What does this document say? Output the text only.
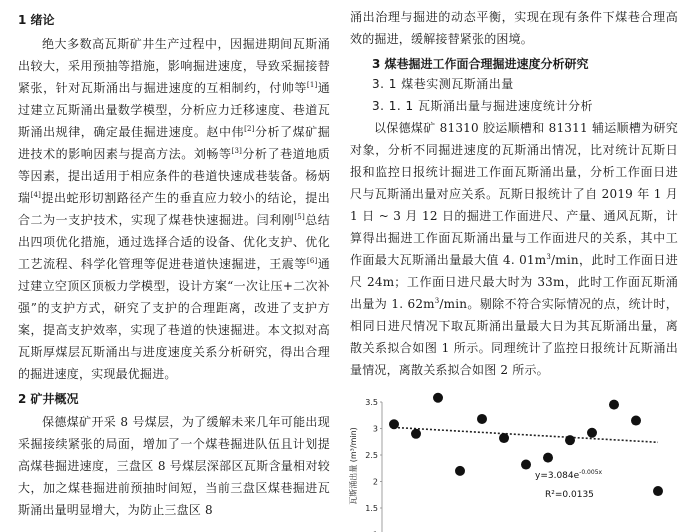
1 绪论

绝大多数高瓦斯矿井生产过程中，因掘进期间瓦斯涌出较大，采用预抽等措施，影响掘进速度，导致采掘接替紧张，针对瓦斯涌出与掘进速度的互相制约，付帅等[1]通过建立瓦斯涌出量数学模型，分析应力迁移速度、巷道瓦斯涌出规律，确定最佳掘进速度。赵中伟[2]分析了煤矿掘进技术的影响因素与提高方法。刘畅等[3]分析了巷道地质等因素，提出适用于相应条件的巷道快速成巷装备。杨炳瑞[4]提出蛇形切割路径产生的垂直应力较小的结论，提出合二为一支护技术，实现了煤巷快速掘进。闫利刚[5]总结出四项优化措施，通过选择合适的设备、优化支护、优化工艺流程、科学化管理等促进巷道快速掘进，王震等[6]通过建立空顶区顶板力学模型，设计方案“一次让压+二次补强”的支护方式，研究了支护的合理距离，改进了支护方案，提高支护效率，实现了巷道的快速掘进。本文拟对高瓦斯厚煤层瓦斯涌出与进度速度关系分析研究，得出合理的掘进速度，实现最优掘进。

2 矿井概况

保德煤矿开采 8 号煤层，为了缓解未来几年可能出现采掘接续紧张的局面，增加了一个煤巷掘进队伍且计划提高煤巷掘进速度，三盘区 8 号煤层深部区瓦斯含量相对较大，加之煤巷掘进前预抽时间短，当前三盘区煤巷掘进瓦斯涌出量明显增大，为防止三盘区 8

涌出治理与掘进的动态平衡，实现在现有条件下煤巷合理高效的掘进，缓解接替紧张的困境。

3 煤巷掘进工作面合理掘进速度分析研究
3. 1 煤巷实测瓦斯涌出量
3. 1. 1 瓦斯涌出量与掘进速度统计分析

以保德煤矿 81310 胶运顺槽和 81311 辅运顺槽为研究对象，分析不同掘进速度的瓦斯涌出情况，比对统计瓦斯日报和监控日报统计掘进工作面瓦斯涌出量，分析工作面日进尺与瓦斯涌出量对应关系。瓦斯日报统计了自 2019 年 1 月 1 日 ~ 3 月 12 日的掘进工作面进尺、产量、通风瓦斯，计算得出掘进工作面瓦斯涌出量与工作面进尺的关系，其中工作面最大瓦斯涌出量最大值 4. $01m^3/\min$，此时工作面日进尺 24m；工作面日进尺最大时为 33m，此时工作面瓦斯涌出量为 1. $62m^3/\min$。剔除不符合实际情况的点，统计时，相同日进尺情况下取瓦斯涌出量最大日为其瓦斯涌出量，离散关系拟合如图 1 所示。同理统计了监控日报统计瓦斯涌出量情况，离散关系拟合如图 2 所示。

瓦斯涌出量 (m³/min)
3.5
3
2.5
2
1.5
$y=3.084e^{-0.005x}$
R²=0.0135
